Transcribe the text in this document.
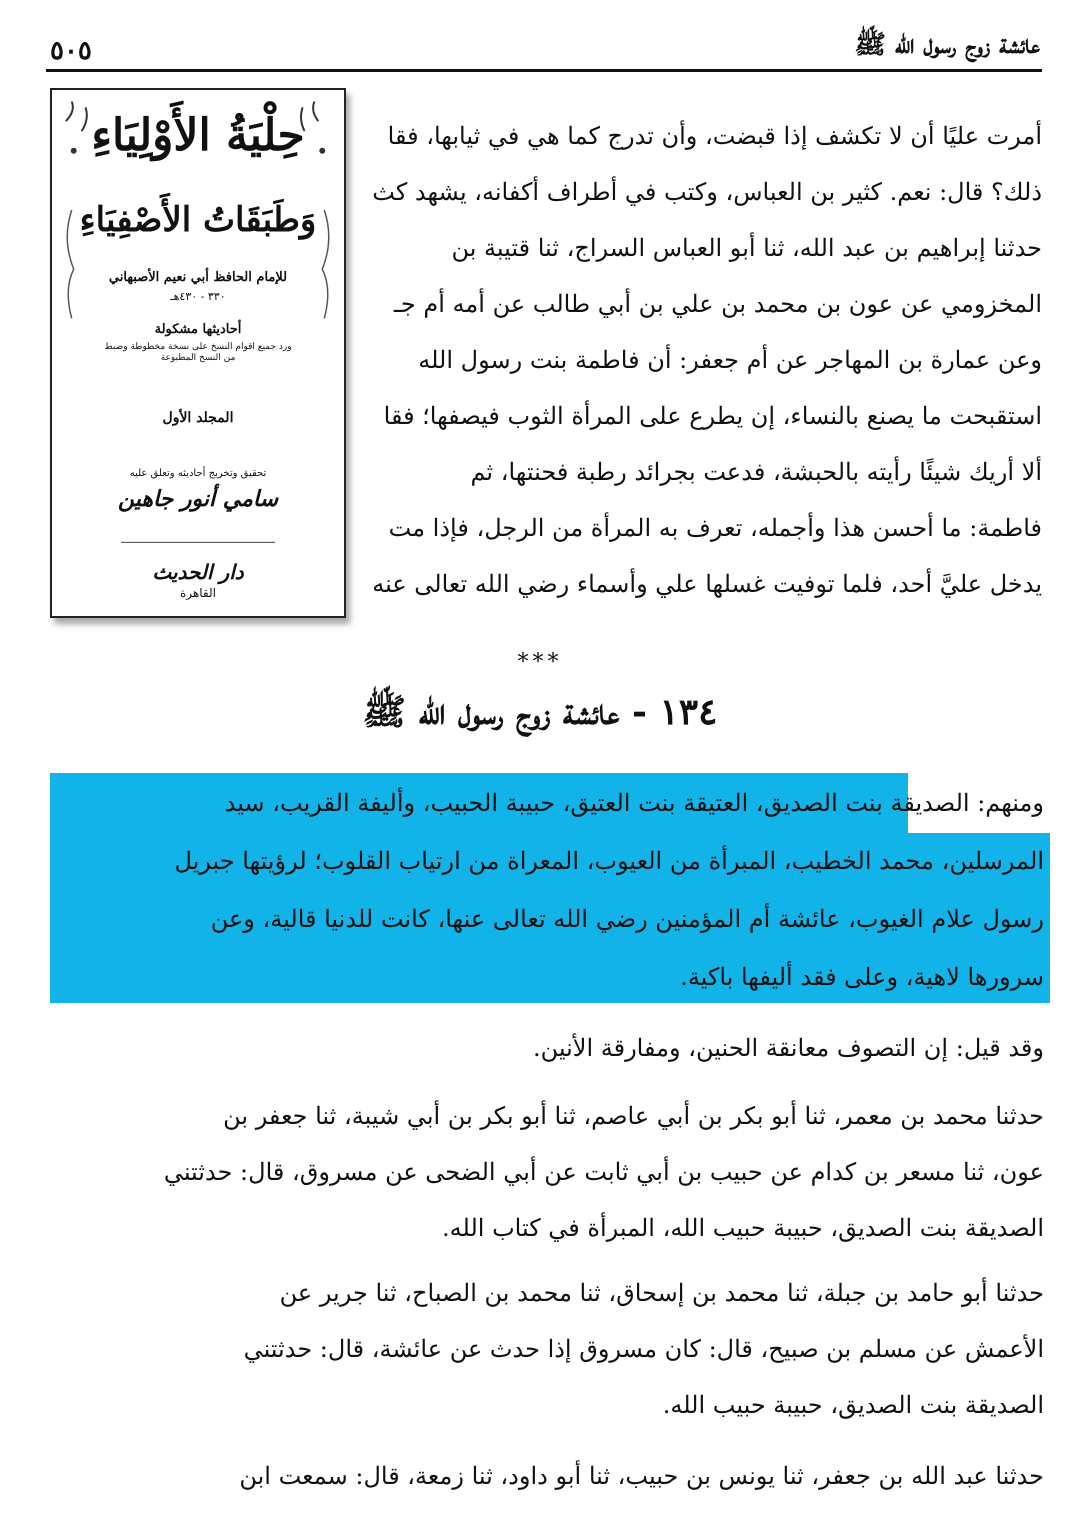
عائشة زوج رسول الله ﷺ
٥٠٥
حِلْيَةُ الأَوْلِيَاءِ
وَطَبَقَاتُ الأَصْفِيَاءِ
للإمام الحافظ أبي نعيم الأصبهاني
٣٣٠ - ٤٣٠هـ
أحاديثها مشكولة
ورد جميع اقوام النسخ على نسخة مخطوطة وضبط من النسخ المطبوعة
المجلد الأول
تحقيق وتخريج أحاديثه وتعلق عليه
سامي أنور جاهين
دار الحديث
القاهرة
أمرت عليًا أن لا تكشف إذا قبضت، وأن تدرج كما هي في ثيابها، فقا
ذلك؟ قال: نعم. كثير بن العباس، وكتب في أطراف أكفانه، يشهد كث
حدثنا إبراهيم بن عبد الله، ثنا أبو العباس السراج، ثنا قتيبة بن
المخزومي عن عون بن محمد بن علي بن أبي طالب عن أمه أم جـ
وعن عمارة بن المهاجر عن أم جعفر: أن فاطمة بنت رسول الله
استقبحت ما يصنع بالنساء، إن يطرع على المرأة الثوب فيصفها؛ فقا
ألا أريك شيئًا رأيته بالحبشة، فدعت بجرائد رطبة فحنتها، ثم
فاطمة: ما أحسن هذا وأجمله، تعرف به المرأة من الرجل، فإذا مت
يدخل عليَّ أحد، فلما توفيت غسلها علي وأسماء رضي الله تعالى عنه
***
١٣٤ - عائشة زوج رسول الله ﷺ
ومنهم: الصديقة بنت الصديق، العتيقة بنت العتيق، حبيبة الحبيب، وأليفة القريب، سيد
المرسلين، محمد الخطيب، المبرأة من العيوب، المعراة من ارتياب القلوب؛ لرؤيتها جبريل
رسول علام الغيوب، عائشة أم المؤمنين رضي الله تعالى عنها، كانت للدنيا قالية، وعن
سرورها لاهية، وعلى فقد أليفها باكية.
وقد قيل: إن التصوف معانقة الحنين، ومفارقة الأنين.
حدثنا محمد بن معمر، ثنا أبو بكر بن أبي عاصم، ثنا أبو بكر بن أبي شيبة، ثنا جعفر بن
عون، ثنا مسعر بن كدام عن حبيب بن أبي ثابت عن أبي الضحى عن مسروق، قال: حدثتني
الصديقة بنت الصديق، حبيبة حبيب الله، المبرأة في كتاب الله.
حدثنا أبو حامد بن جبلة، ثنا محمد بن إسحاق، ثنا محمد بن الصباح، ثنا جرير عن
الأعمش عن مسلم بن صبيح، قال: كان مسروق إذا حدث عن عائشة، قال: حدثتني
الصديقة بنت الصديق، حبيبة حبيب الله.
حدثنا عبد الله بن جعفر، ثنا يونس بن حبيب، ثنا أبو داود، ثنا زمعة، قال: سمعت ابن
